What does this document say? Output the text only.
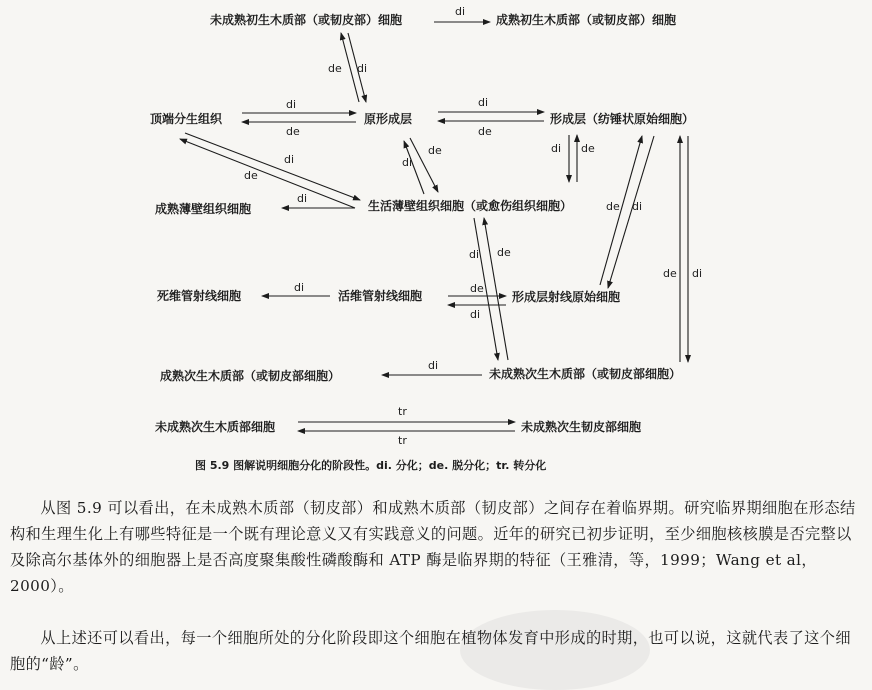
未成熟初生木质部（或韧皮部）细胞	成熟初生木质部（或韧皮部）细胞
原形成层
顶端分生组织	形成层（纺锤状原始细胞）
生活薄壁组织细胞（或愈伤组织细胞）
成熟薄壁组织细胞
死维管射线细胞	活维管射线细胞	形成层射线原始细胞
成熟次生木质部（或韧皮部细胞）	未成熟次生木质部（或韧皮部细胞）
未成熟次生木质部细胞	未成熟次生韧皮部细胞
di
de di
di
de
di
de
di
de
di
de
di
di de
de di
de di
di de
di	de
di
di
tr
tr
图 5.9 图解说明细胞分化的阶段性。di. 分化；de. 脱分化；tr. 转分化

从图 5.9 可以看出，在未成熟木质部（韧皮部）和成熟木质部（韧皮部）之间存在着临界期。研究临界期细胞在形态结构和生理生化上有哪些特征是一个既有理论意义又有实践意义的问题。近年的研究已初步证明，至少细胞核核膜是否完整以及除高尔基体外的细胞器上是否高度聚集酸性磷酸酶和 ATP 酶是临界期的特征（王雅清，等，1999；Wang et al，2000）。

从上述还可以看出，每一个细胞所处的分化阶段即这个细胞在植物体发育中形成的时期，也可以说，这就代表了这个细胞的“龄”。
